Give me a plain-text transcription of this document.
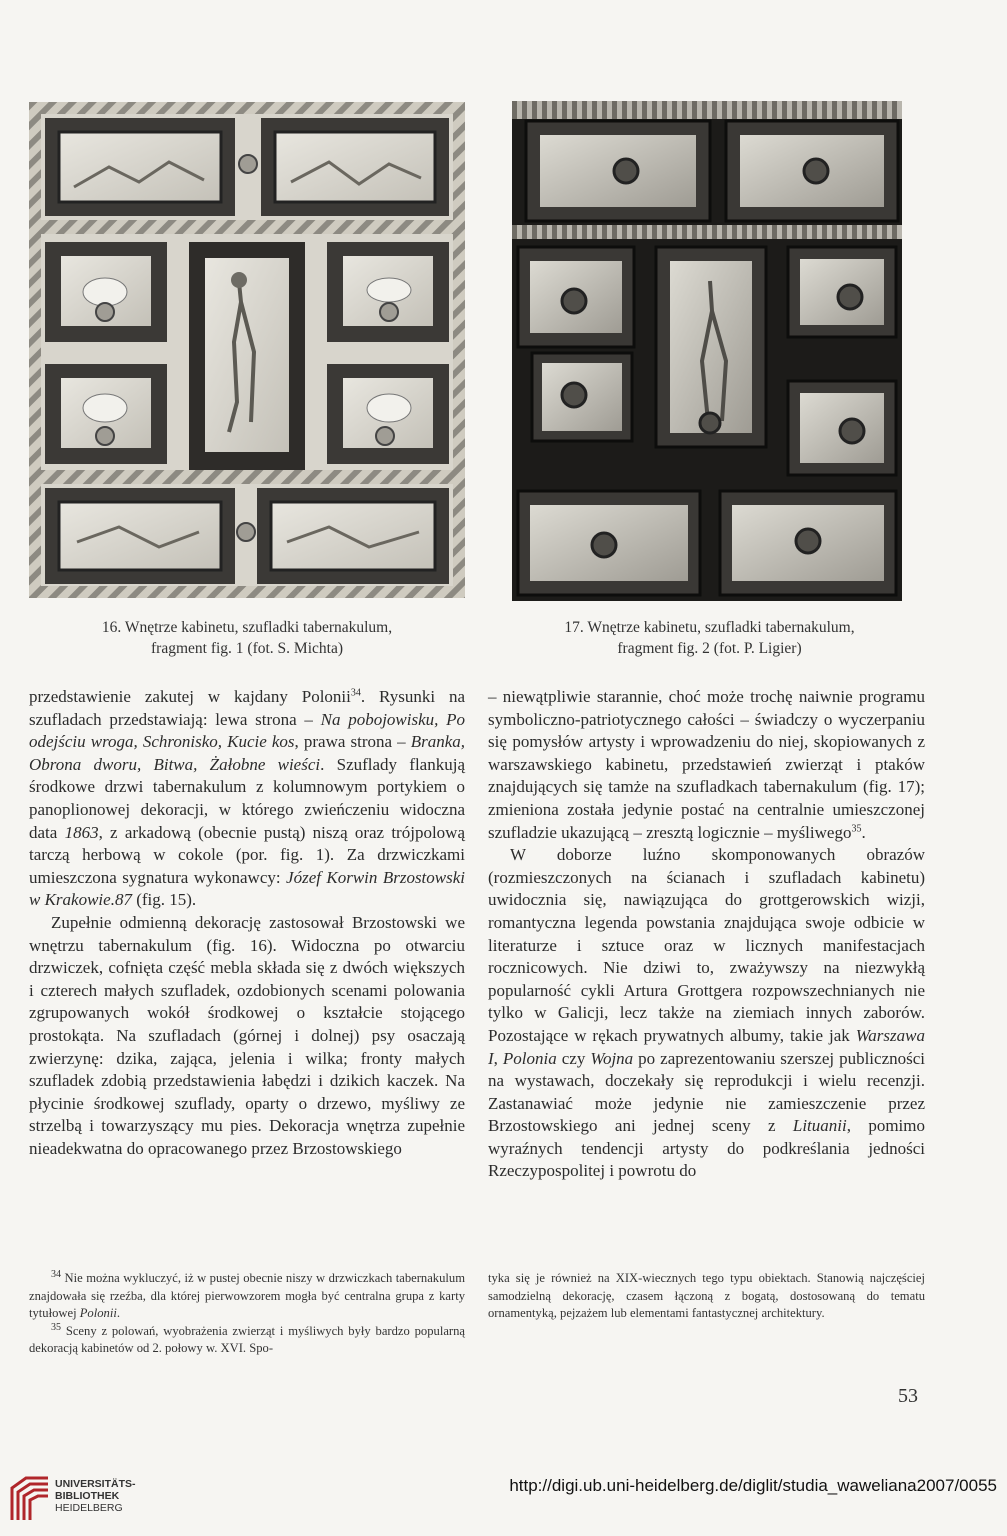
16. Wnętrze kabinetu, szufladki tabernakulum,
fragment fig. 1 (fot. S. Michta)
17. Wnętrze kabinetu, szufladki tabernakulum,
fragment fig. 2 (fot. P. Ligier)

przedstawienie zakutej w kajdany Polonii$^{34}$. Rysunki na szufladach przedstawiają: lewa strona – Na pobojowisku, Po odejściu wroga, Schronisko, Kucie kos, prawa strona – Branka, Obrona dworu, Bitwa, Żałobne wieści. Szuflady flankują środkowe drzwi tabernakulum z kolumnowym portykiem o panoplionowej dekoracji, w którego zwieńczeniu widoczna data 1863, z arkadową (obecnie pustą) niszą oraz trójpolową tarczą herbową w cokole (por. fig. 1). Za drzwiczkami umieszczona sygnatura wykonawcy: Józef Korwin Brzostowski w Krakowie.87 (fig. 15).

Zupełnie odmienną dekorację zastosował Brzostowski we wnętrzu tabernakulum (fig. 16). Widoczna po otwarciu drzwiczek, cofnięta część mebla składa się z dwóch większych i czterech małych szufladek, ozdobionych scenami polowania zgrupowanych wokół środkowej o kształcie stojącego prostokąta. Na szufladach (górnej i dolnej) psy osaczają zwierzynę: dzika, zająca, jelenia i wilka; fronty małych szufladek zdobią przedstawienia łabędzi i dzikich kaczek. Na płycinie środkowej szuflady, oparty o drzewo, myśliwy ze strzelbą i towarzyszący mu pies. Dekoracja wnętrza zupełnie nieadekwatna do opracowanego przez Brzostowskiego

– niewątpliwie starannie, choć może trochę naiwnie programu symboliczno-patriotycznego całości – świadczy o wyczerpaniu się pomysłów artysty i wprowadzeniu do niej, skopiowanych z warszawskiego kabinetu, przedstawień zwierząt i ptaków znajdujących się tamże na szufladkach tabernakulum (fig. 17); zmieniona została jedynie postać na centralnie umieszczonej szufladzie ukazującą – zresztą logicznie – myśliwego$^{35}$.

W doborze luźno skomponowanych obrazów (rozmieszczonych na ścianach i szufladach kabinetu) uwidocznia się, nawiązująca do grottgerowskich wizji, romantyczna legenda powstania znajdująca swoje odbicie w literaturze i sztuce oraz w licznych manifestacjach rocznicowych. Nie dziwi to, zważywszy na niezwykłą popularność cykli Artura Grottgera rozpowszechnianych nie tylko w Galicji, lecz także na ziemiach innych zaborów. Pozostające w rękach prywatnych albumy, takie jak Warszawa I, Polonia czy Wojna po zaprezentowaniu szerszej publiczności na wystawach, doczekały się reprodukcji i wielu recenzji. Zastanawiać może jedynie nie zamieszczenie przez Brzostowskiego ani jednej sceny z Lituanii, pomimo wyraźnych tendencji artysty do podkreślania jedności Rzeczypospolitej i powrotu do

$^{34}$ Nie można wykluczyć, iż w pustej obecnie niszy w drzwiczkach tabernakulum znajdowała się rzeźba, dla której pierwowzorem mogła być centralna grupa z karty tytułowej Polonii.

$^{35}$ Sceny z polowań, wyobrażenia zwierząt i myśliwych były bardzo popularną dekoracją kabinetów od 2. połowy w. XVI. Spo-

tyka się je również na XIX-wiecznych tego typu obiektach. Stanowią najczęściej samodzielną dekorację, czasem łączoną z bogatą, dostosowaną do tematu ornamentyką, pejzażem lub elementami fantastycznej architektury.

53
UNIVERSITÄTS-
BIBLIOTHEK
HEIDELBERG
http://digi.ub.uni-heidelberg.de/diglit/studia_waweliana2007/0055
